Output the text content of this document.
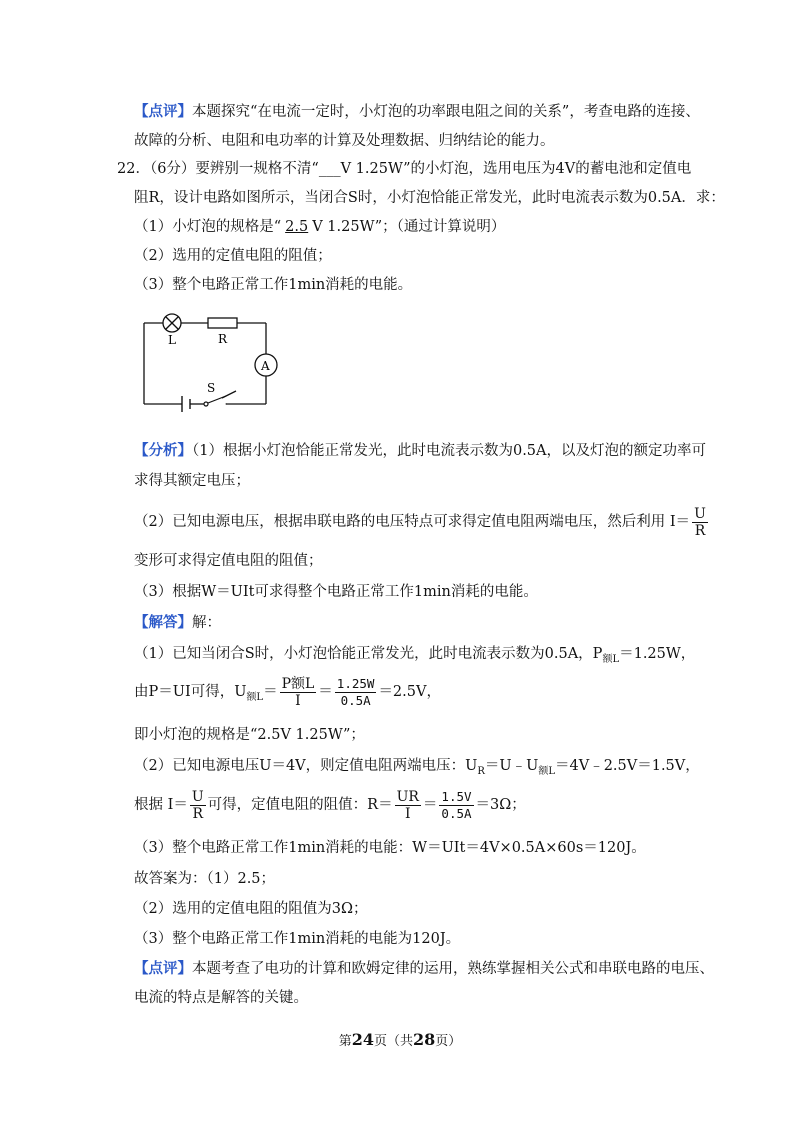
【点评】本题探究“在电流一定时，小灯泡的功率跟电阻之间的关系”，考查电路的连接、
故障的分析、电阻和电功率的计算及处理数据、归纳结论的能力。
22．（6分）要辨别一规格不清“___V 1.25W”的小灯泡，选用电压为4V的蓄电池和定值电
阻R，设计电路如图所示，当闭合S时，小灯泡恰能正常发光，此时电流表示数为0.5A．求：
（1）小灯泡的规格是“ 2.5 V 1.25W”；（通过计算说明）
（2）选用的定值电阻的阻值；
（3）整个电路正常工作1min消耗的电能。
L	R
A
S
【分析】（1）根据小灯泡恰能正常发光，此时电流表示数为0.5A，以及灯泡的额定功率可
求得其额定电压；
（2）已知电源电压，根据串联电路的电压特点可求得定值电阻两端电压，然后利用 $I= \frac{U}{R}$
变形可求得定值电阻的阻值；
（3）根据W＝UIt可求得整个电路正常工作1min消耗的电能。
【解答】解：
（1）已知当闭合S时，小灯泡恰能正常发光，此时电流表示数为0.5A，$P_{额L}=1.25W$，
由P＝UI可得，$U_{额L}= \frac{\text{P额L}}{I} = \frac{1.25W}{0.5A} =2.5V$，
即小灯泡的规格是“2.5V 1.25W”；
（2）已知电源电压U＝4V，则定值电阻两端电压：$U_R=U﹣U_{额L}=4V﹣2.5V=1.5V$，
根据 $I= \frac{U}{R}$ 可得，定值电阻的阻值：$R= \frac{UR}{I} = \frac{1.5V}{0.5A} =3\Omega$；
（3）整个电路正常工作1min消耗的电能：W＝UIt＝4V×0.5A×60s＝120J。
故答案为：（1）2.5；
（2）选用的定值电阻的阻值为3Ω；
（3）整个电路正常工作1min消耗的电能为120J。
【点评】本题考查了电功的计算和欧姆定律的运用，熟练掌握相关公式和串联电路的电压、
电流的特点是解答的关键。
第24页（共28页）
